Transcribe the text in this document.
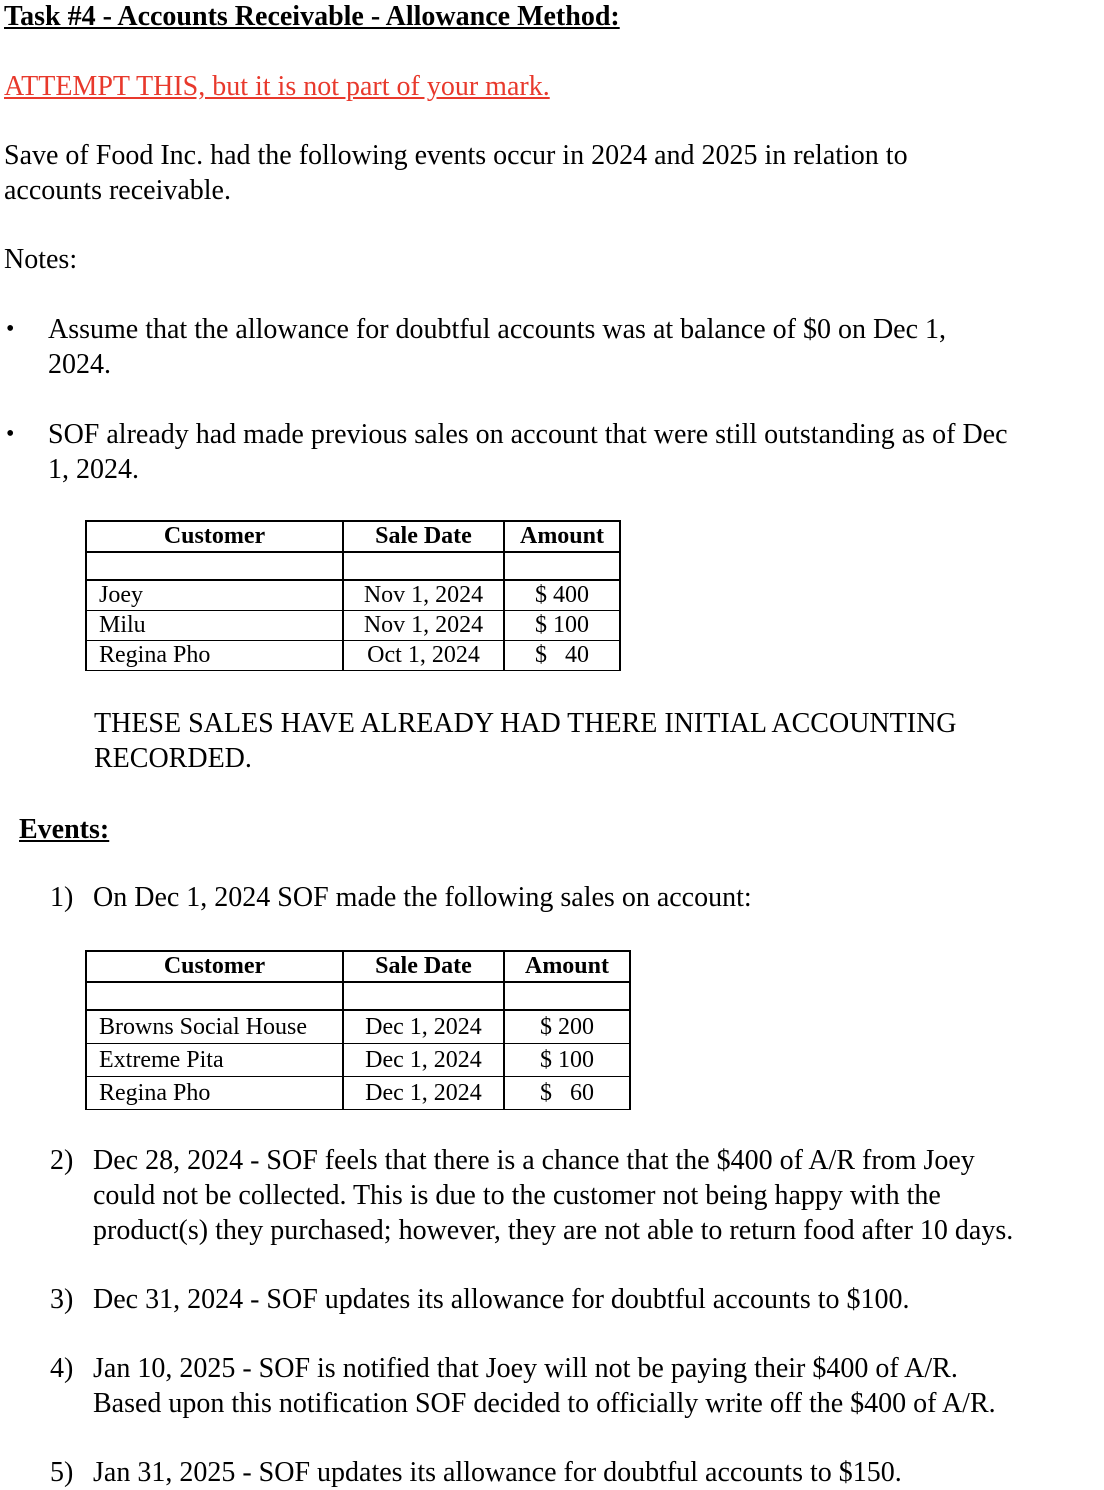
Task #4 - Accounts Receivable - Allowance Method:
ATTEMPT THIS, but it is not part of your mark.
Save of Food Inc. had the following events occur in 2024 and 2025 in relation to
accounts receivable.
Notes:
• Assume that the allowance for doubtful accounts was at balance of $0 on Dec 1,
2024.
• SOF already had made previous sales on account that were still outstanding as of Dec
1, 2024.
Customer	Sale Date	Amount

Joey	Nov 1, 2024	$ 400
Milu	Nov 1, 2024	$ 100
Regina Pho	Oct 1, 2024	$   40
THESE SALES HAVE ALREADY HAD THERE INITIAL ACCOUNTING
RECORDED.
Events:
1) On Dec 1, 2024 SOF made the following sales on account:
Customer	Sale Date	Amount

Browns Social House	Dec 1, 2024	$ 200
Extreme Pita	Dec 1, 2024	$ 100
Regina Pho	Dec 1, 2024	$   60
2) Dec 28, 2024 - SOF feels that there is a chance that the $400 of A/R from Joey
could not be collected. This is due to the customer not being happy with the
product(s) they purchased; however, they are not able to return food after 10 days.
3) Dec 31, 2024 - SOF updates its allowance for doubtful accounts to $100.
4) Jan 10, 2025 - SOF is notified that Joey will not be paying their $400 of A/R.
Based upon this notification SOF decided to officially write off the $400 of A/R.
5) Jan 31, 2025 - SOF updates its allowance for doubtful accounts to $150.
